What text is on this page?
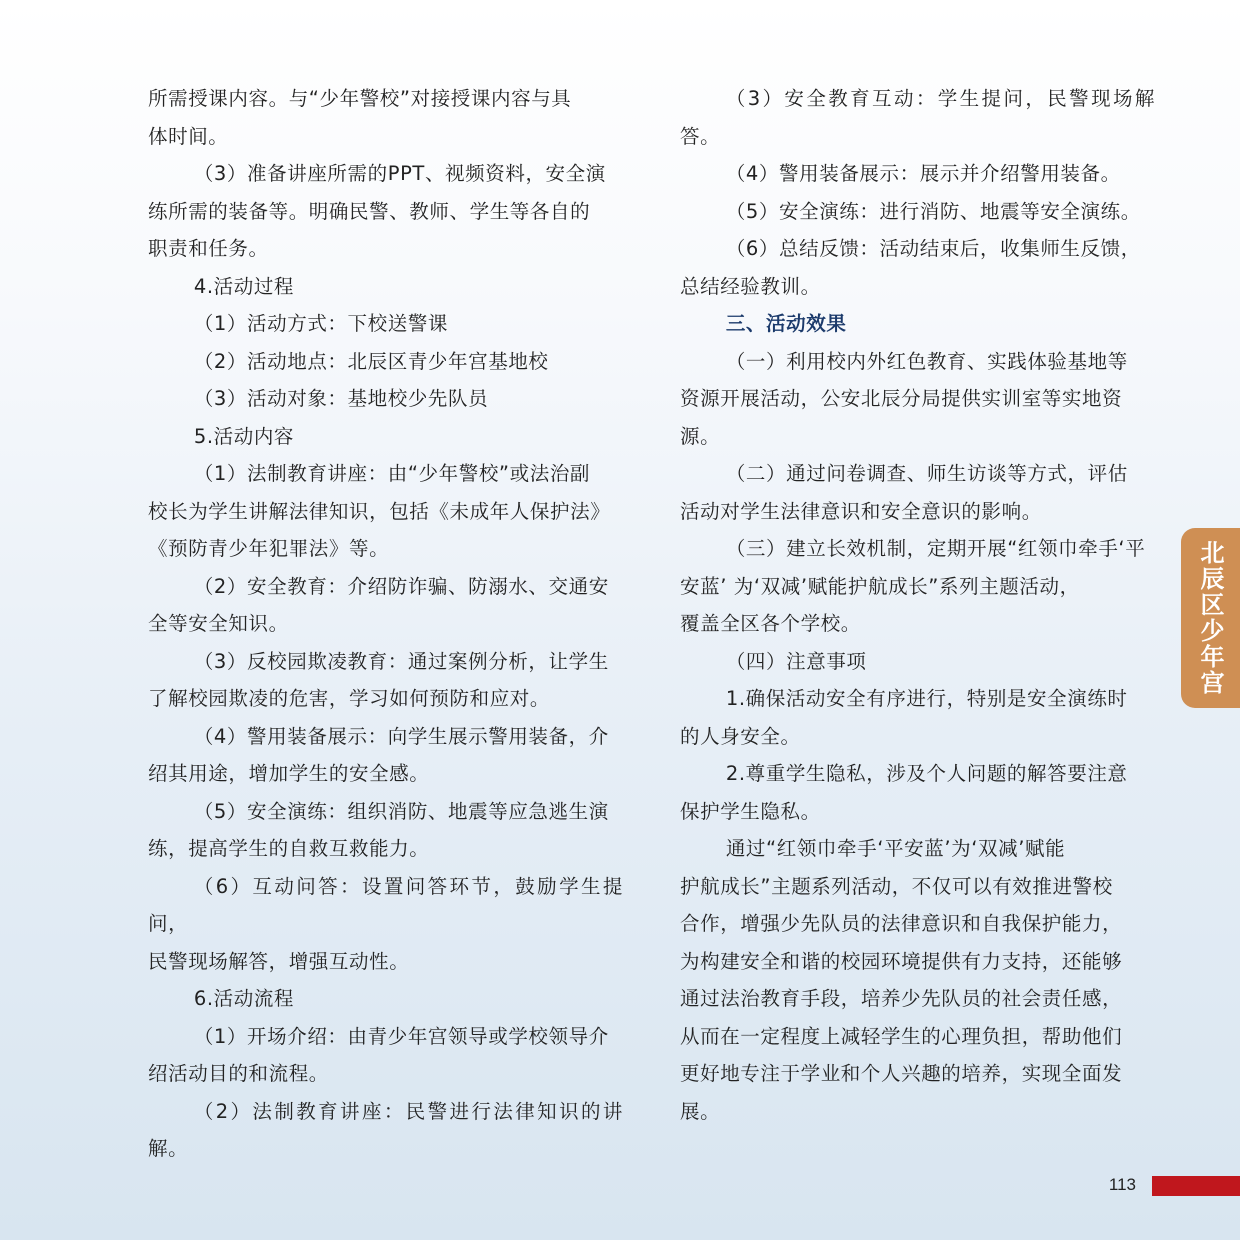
所需授课内容。与“少年警校”对接授课内容与具

体时间。

（3）准备讲座所需的PPT、视频资料，安全演

练所需的装备等。明确民警、教师、学生等各自的

职责和任务。

4.活动过程

（1）活动方式：下校送警课

（2）活动地点：北辰区青少年宫基地校

（3）活动对象：基地校少先队员

5.活动内容

（1）法制教育讲座：由“少年警校”或法治副

校长为学生讲解法律知识，包括《未成年人保护法》

《预防青少年犯罪法》等。

（2）安全教育：介绍防诈骗、防溺水、交通安

全等安全知识。

（3）反校园欺凌教育：通过案例分析，让学生

了解校园欺凌的危害，学习如何预防和应对。

（4）警用装备展示：向学生展示警用装备，介

绍其用途，增加学生的安全感。

（5）安全演练：组织消防、地震等应急逃生演

练，提高学生的自救互救能力。

（6）互动问答：设置问答环节，鼓励学生提问，

民警现场解答，增强互动性。

6.活动流程

（1）开场介绍：由青少年宫领导或学校领导介

绍活动目的和流程。

（2）法制教育讲座：民警进行法律知识的讲解。

（3）安全教育互动：学生提问，民警现场解答。

（4）警用装备展示：展示并介绍警用装备。

（5）安全演练：进行消防、地震等安全演练。

（6）总结反馈：活动结束后，收集师生反馈，

总结经验教训。

三、活动效果

（一）利用校内外红色教育、实践体验基地等

资源开展活动，公安北辰分局提供实训室等实地资

源。

（二）通过问卷调查、师生访谈等方式，评估

活动对学生法律意识和安全意识的影响。

（三）建立长效机制，定期开展“红领巾牵手‘平

安蓝’ 为‘双减’赋能护航成长”系列主题活动，

覆盖全区各个学校。

（四）注意事项

1.确保活动安全有序进行，特别是安全演练时

的人身安全。

2.尊重学生隐私，涉及个人问题的解答要注意

保护学生隐私。

通过“红领巾牵手‘平安蓝’为‘双减’赋能

护航成长”主题系列活动，不仅可以有效推进警校

合作，增强少先队员的法律意识和自我保护能力，

为构建安全和谐的校园环境提供有力支持，还能够

通过法治教育手段，培养少先队员的社会责任感，

从而在一定程度上减轻学生的心理负担，帮助他们

更好地专注于学业和个人兴趣的培养，实现全面发

展。

北辰区少年宫
113
